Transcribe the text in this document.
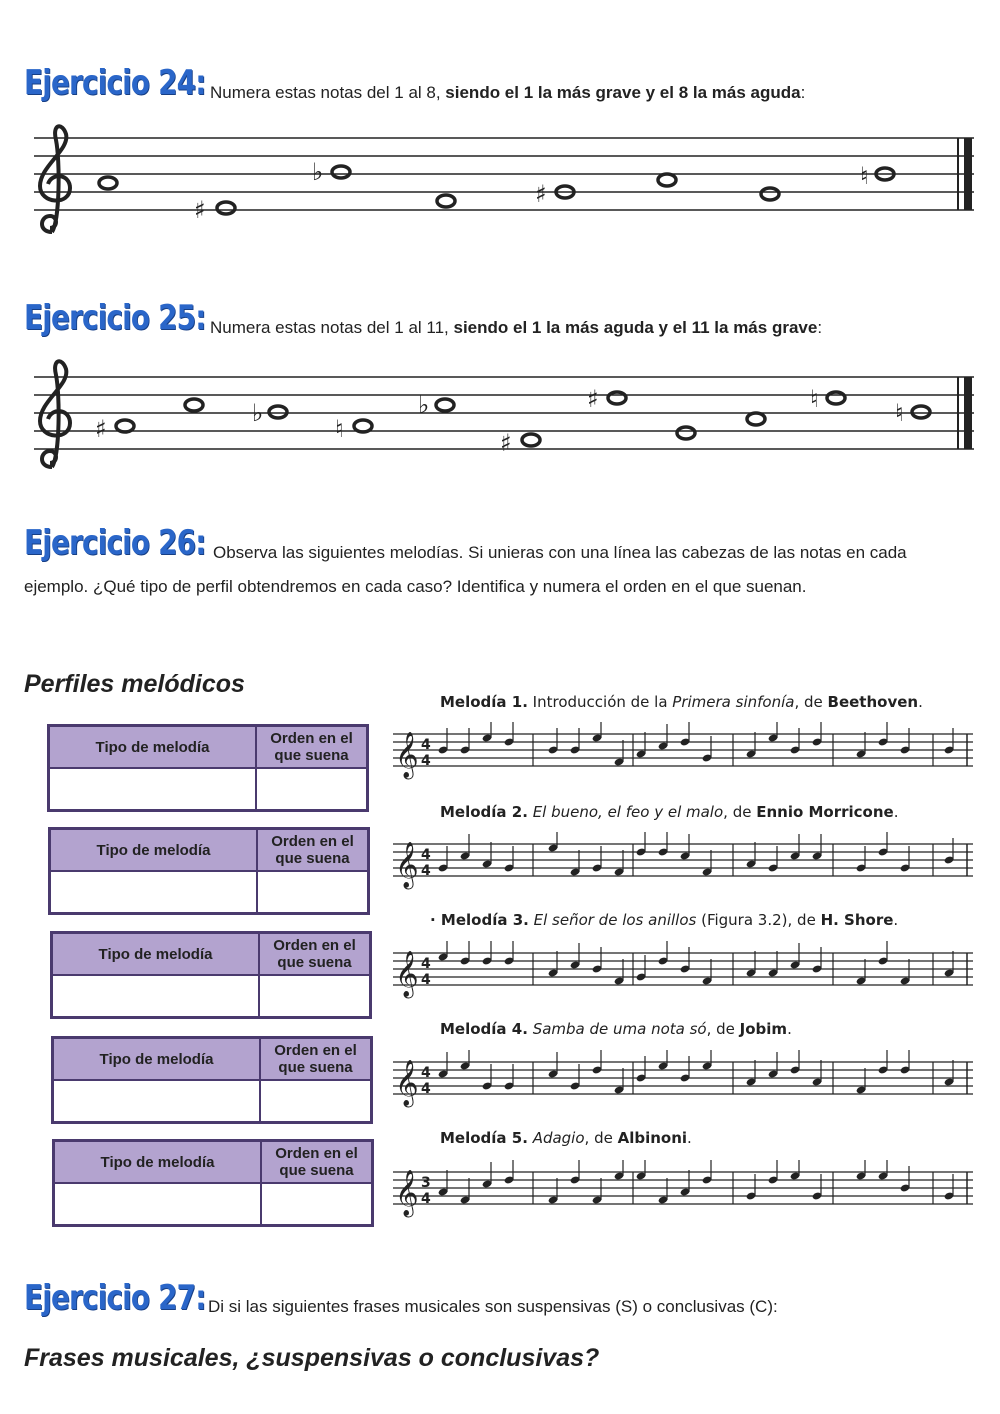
Ejercicio 24: Numera estas notas del 1 al 8, siendo el 1 la más grave y el 8 la más aguda:
♯
♭
♯
♮
Ejercicio 25: Numera estas notas del 1 al 11, siendo el 1 la más aguda y el 11 la más grave:
♯
♭
♮
♭
♯
♯	♮	♮
Ejercicio 26: Observa las siguientes melodías. Si unieras con una línea las cabezas de las notas en cada
ejemplo. ¿Qué tipo de perfil obtendremos en cada caso? Identifica y numera el orden en el que suenan.
Perfiles melódicos
Tipo de melodía	Orden en el que suena

Tipo de melodía	Orden en el que suena

Tipo de melodía	Orden en el que suena

Tipo de melodía	Orden en el que suena

Tipo de melodía	Orden en el que suena

Melodía 1. Introducción de la Primera sinfonía, de Beethoven.
Melodía 2. El bueno, el feo y el malo, de Ennio Morricone.
· Melodía 3. El señor de los anillos (Figura 3.2), de H. Shore.
Melodía 4. Samba de uma nota só, de Jobim.
Melodía 5. Adagio, de Albinoni.
𝄞 4
4
𝄞 4
4
𝄞 4
4
𝄞 4
4
𝄞 3
4
Ejercicio 27: Di si las siguientes frases musicales son suspensivas (S) o conclusivas (C):
Frases musicales, ¿suspensivas o conclusivas?
